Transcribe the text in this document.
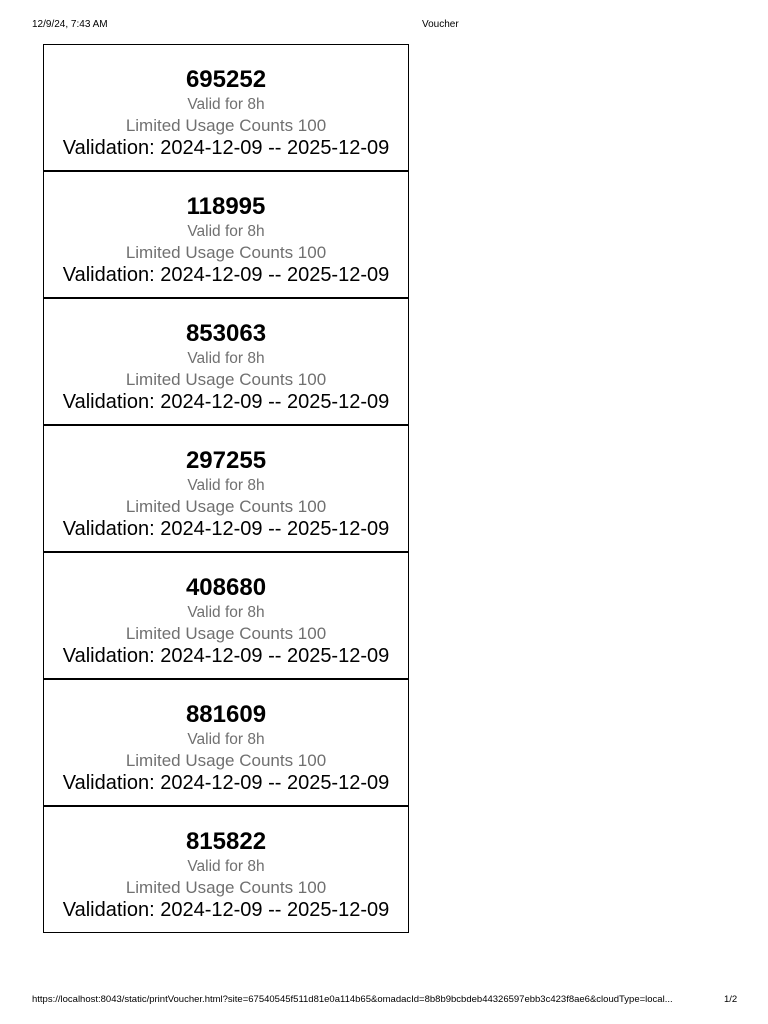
12/9/24, 7:43 AM	Voucher
695252
Valid for 8h
Limited Usage Counts 100
Validation: 2024-12-09 -- 2025-12-09
118995
Valid for 8h
Limited Usage Counts 100
Validation: 2024-12-09 -- 2025-12-09
853063
Valid for 8h
Limited Usage Counts 100
Validation: 2024-12-09 -- 2025-12-09
297255
Valid for 8h
Limited Usage Counts 100
Validation: 2024-12-09 -- 2025-12-09
408680
Valid for 8h
Limited Usage Counts 100
Validation: 2024-12-09 -- 2025-12-09
881609
Valid for 8h
Limited Usage Counts 100
Validation: 2024-12-09 -- 2025-12-09
815822
Valid for 8h
Limited Usage Counts 100
Validation: 2024-12-09 -- 2025-12-09
https://localhost:8043/static/printVoucher.html?site=67540545f511d81e0a114b65&omadacId=8b8b9bcbdeb44326597ebb3c423f8ae6&cloudType=local...	1/2
